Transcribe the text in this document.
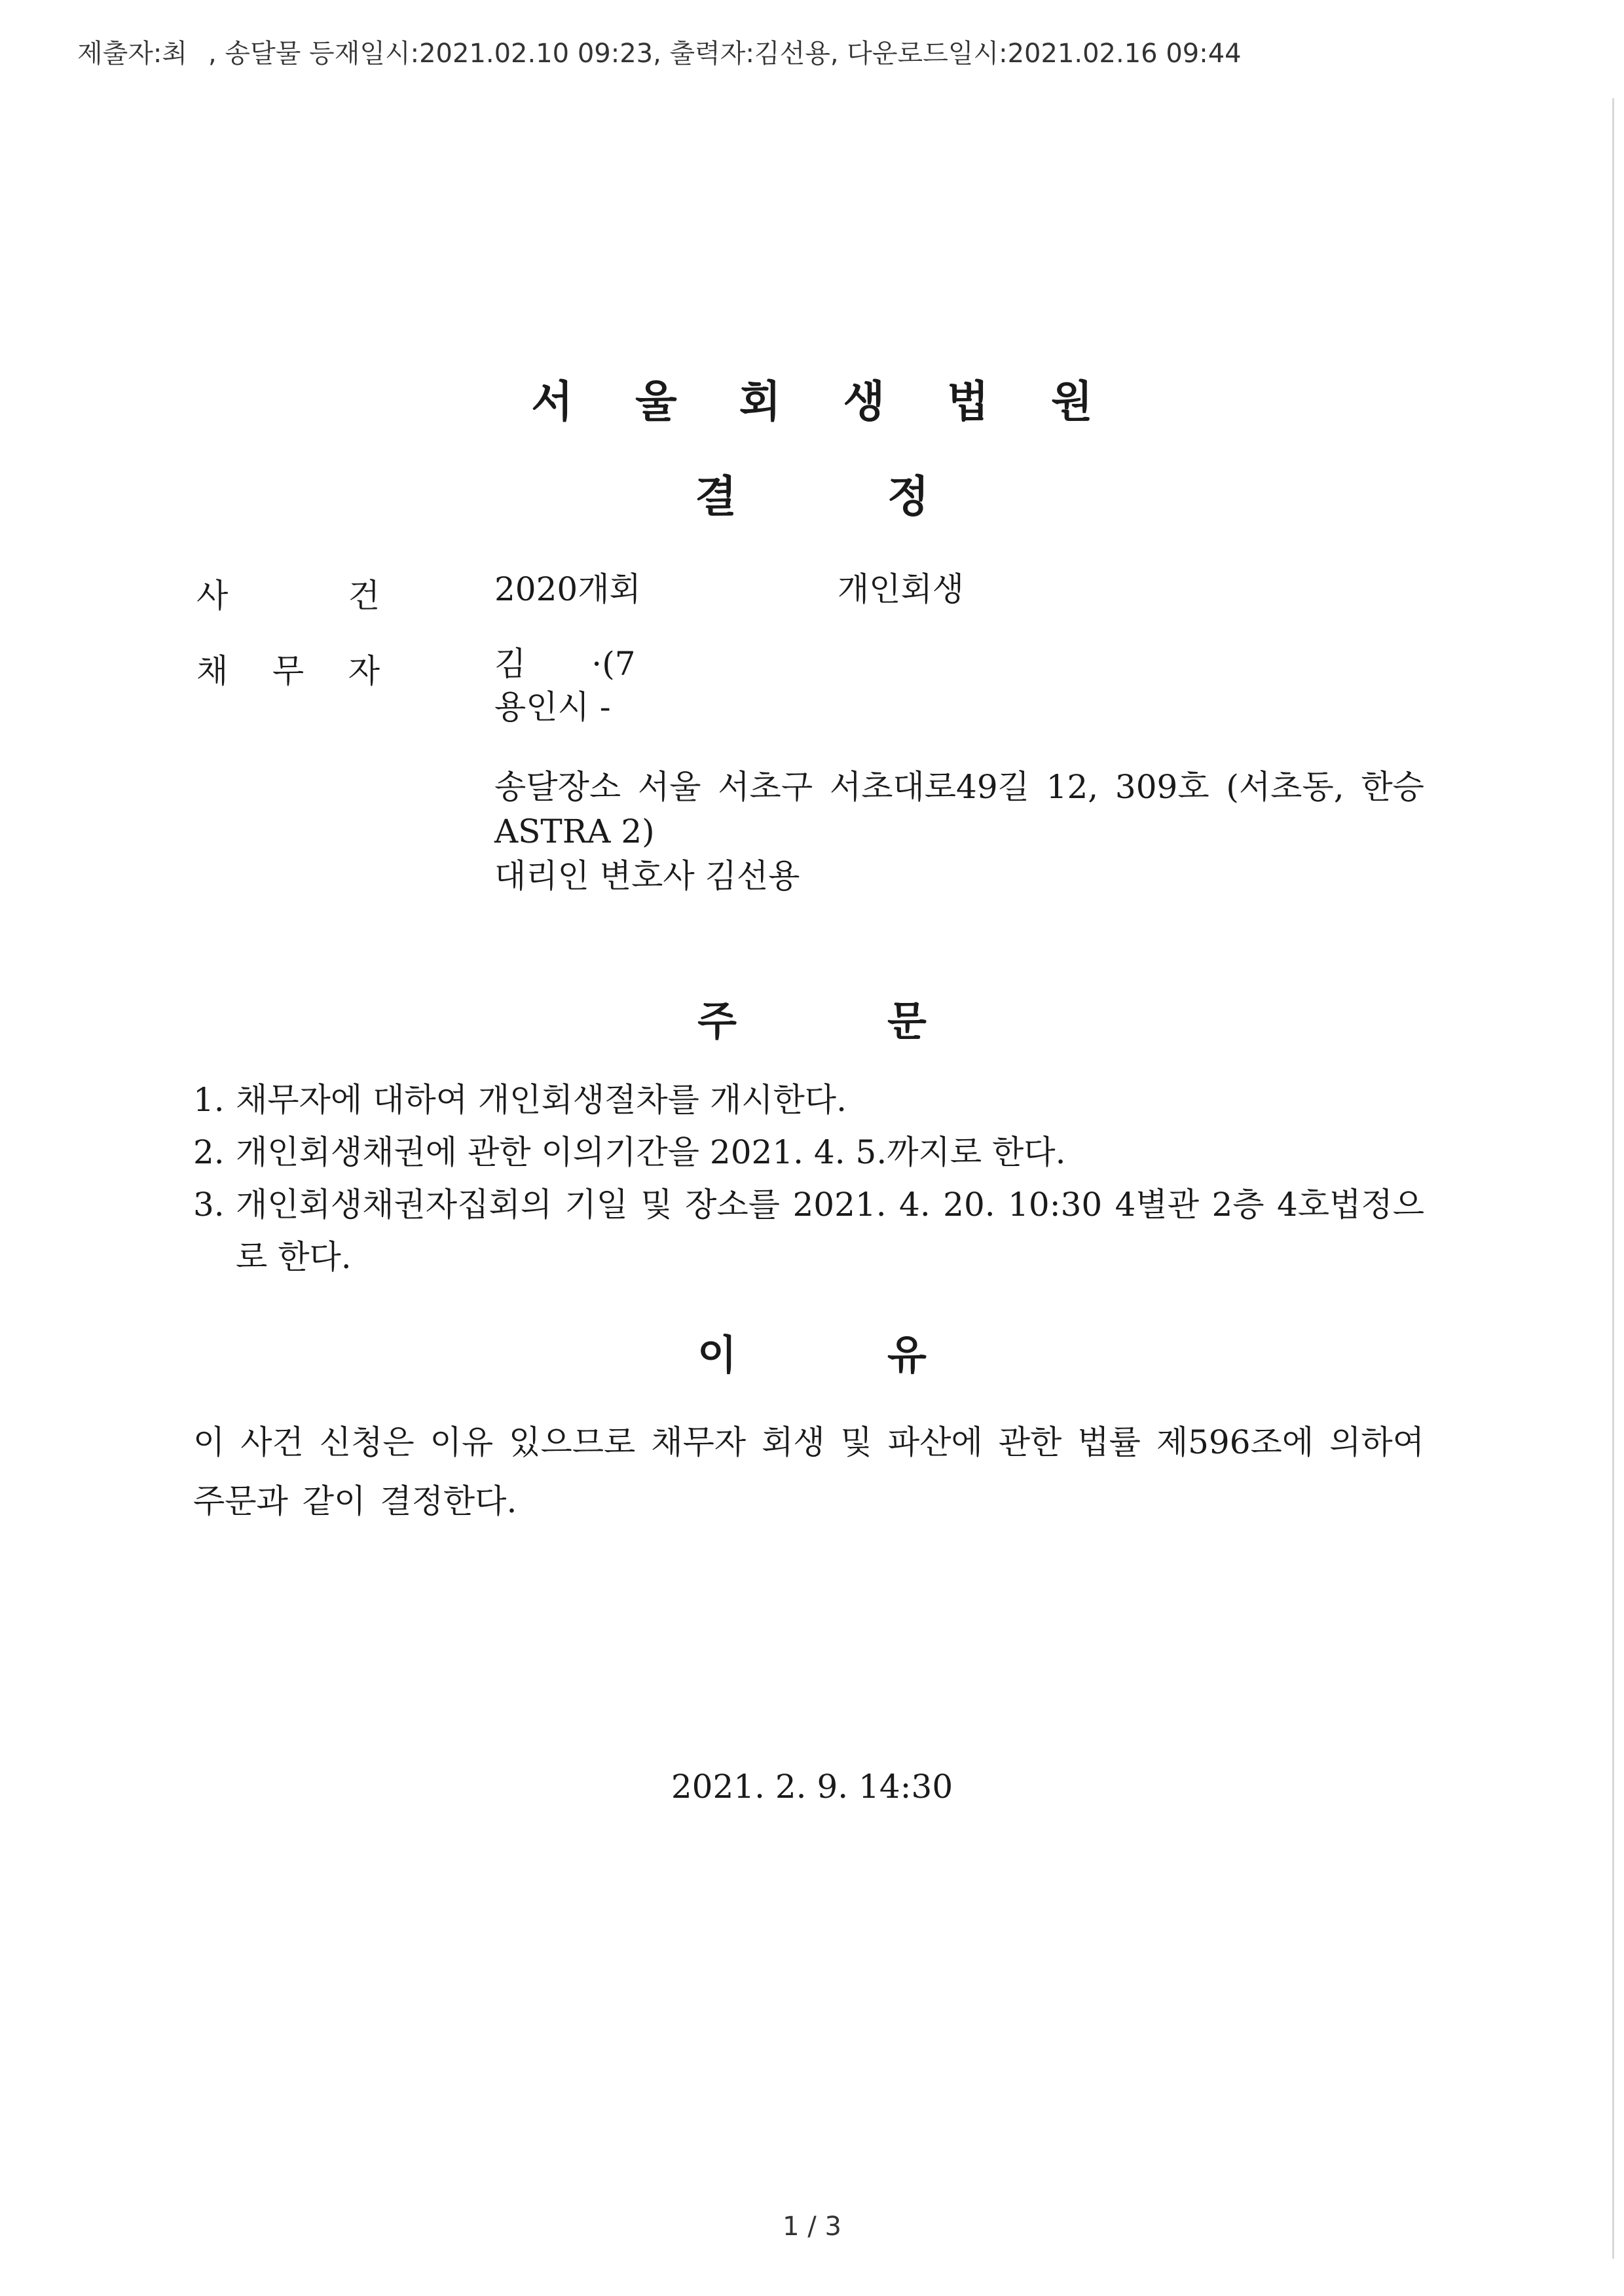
제출자:최    , 송달물 등재일시:2021.02.10 09:23, 출력자:김선용, 다운로드일시:2021.02.16 09:44
서울회생법원
결	정
사	건	2020개회	개인회생
채 무 자	김  ·(7
용인시 -
송달장소 서울 서초구 서초대로49길 12, 309호 (서초동, 한승
ASTRA 2)
대리인 변호사 김선용
주	문
1. 채무자에 대하여 개인회생절차를 개시한다.
2. 개인회생채권에 관한 이의기간을 2021. 4. 5.까지로 한다.
3. 개인회생채권자집회의 기일 및 장소를 2021. 4. 20. 10:30 4별관 2층 4호법정으로 한다.
이	유
이 사건 신청은 이유 있으므로 채무자 회생 및 파산에 관한 법률 제596조에 의하여 주문과 같이 결정한다.
2021. 2. 9. 14:30
1 / 3
